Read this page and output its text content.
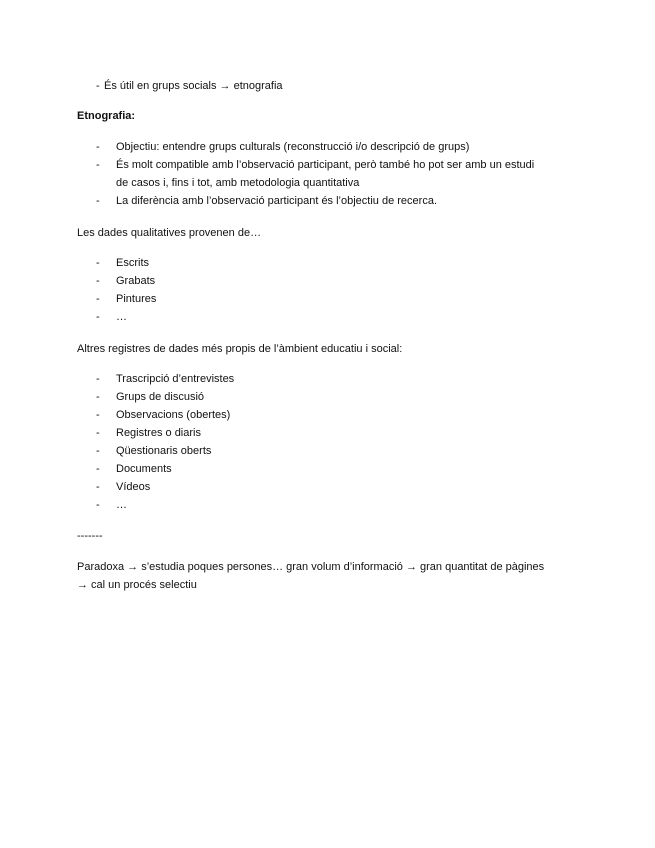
- És útil en grups socials → etnografia
Etnografia:
-	Objectiu: entendre grups culturals (reconstrucció i/o descripció de grups)
-	És molt compatible amb l’observació participant, però també ho pot ser amb un estudi
de casos i, fins i tot, amb metodologia quantitativa
-	La diferència amb l’observació participant és l’objectiu de recerca.
Les dades qualitatives provenen de…
-	Escrits
-	Grabats
-	Pintures
-	…
Altres registres de dades més propis de l’àmbient educatiu i social:
-	Trascripció d’entrevistes
-	Grups de discusió
-	Observacions (obertes)
-	Registres o diaris
-	Qüestionaris oberts
-	Documents
-	Vídeos
-	…
-------
Paradoxa → s’estudia poques persones… gran volum d’informació → gran quantitat de pàgines
→ cal un procés selectiu
